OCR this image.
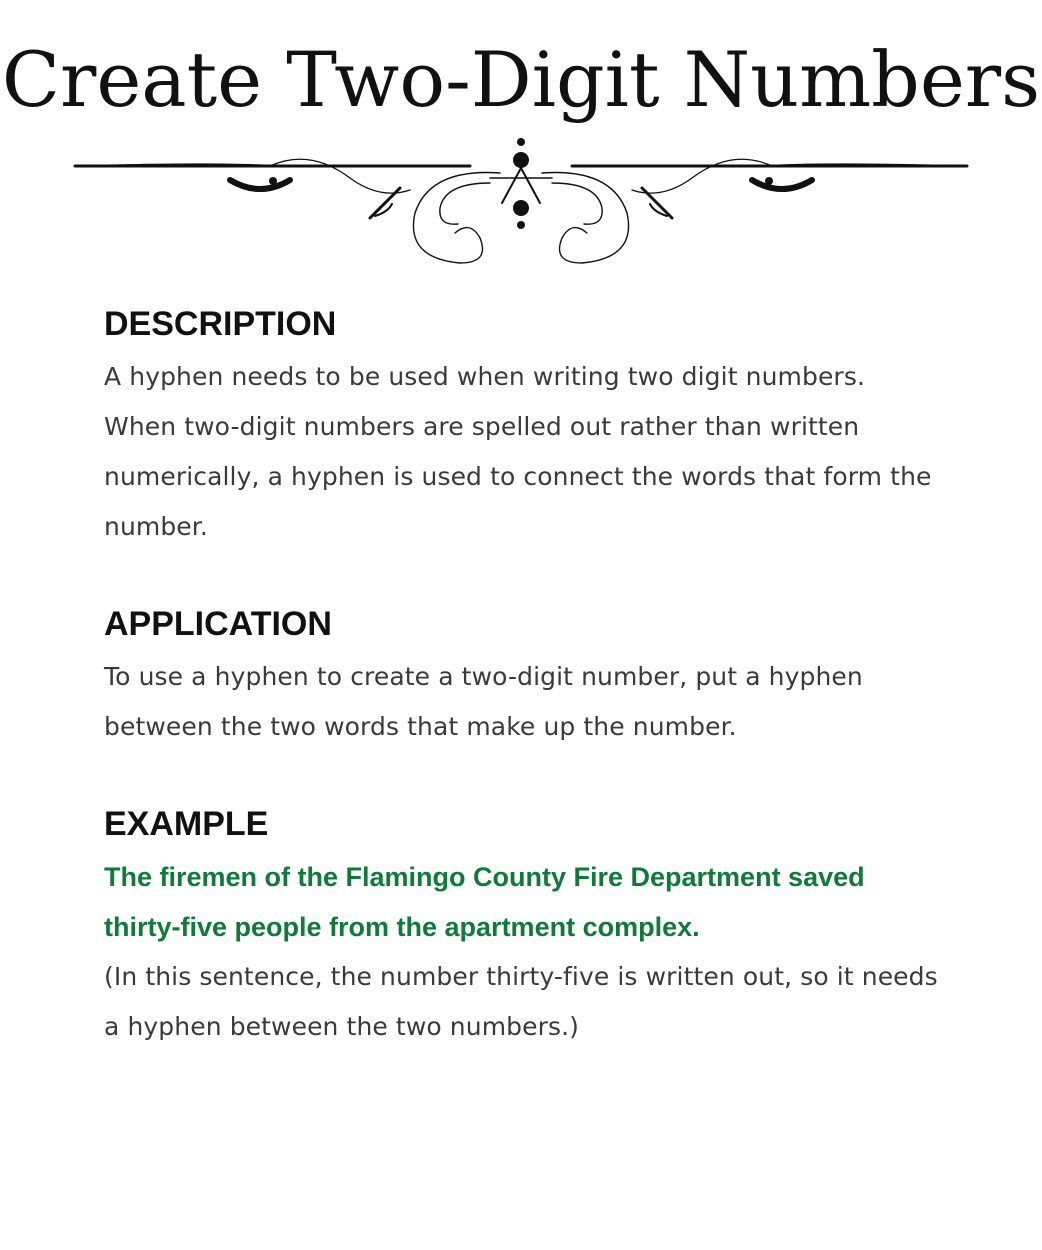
Create Two-Digit Numbers
DESCRIPTION

A hyphen needs to be used when writing two digit numbers. When two-digit numbers are spelled out rather than written numerically, a hyphen is used to connect the words that form the number.

APPLICATION

To use a hyphen to create a two-digit number, put a hyphen between the two words that make up the number.

EXAMPLE

The firemen of the Flamingo County Fire Department saved thirty-five people from the apartment complex.

(In this sentence, the number thirty-five is written out, so it needs a hyphen between the two numbers.)
